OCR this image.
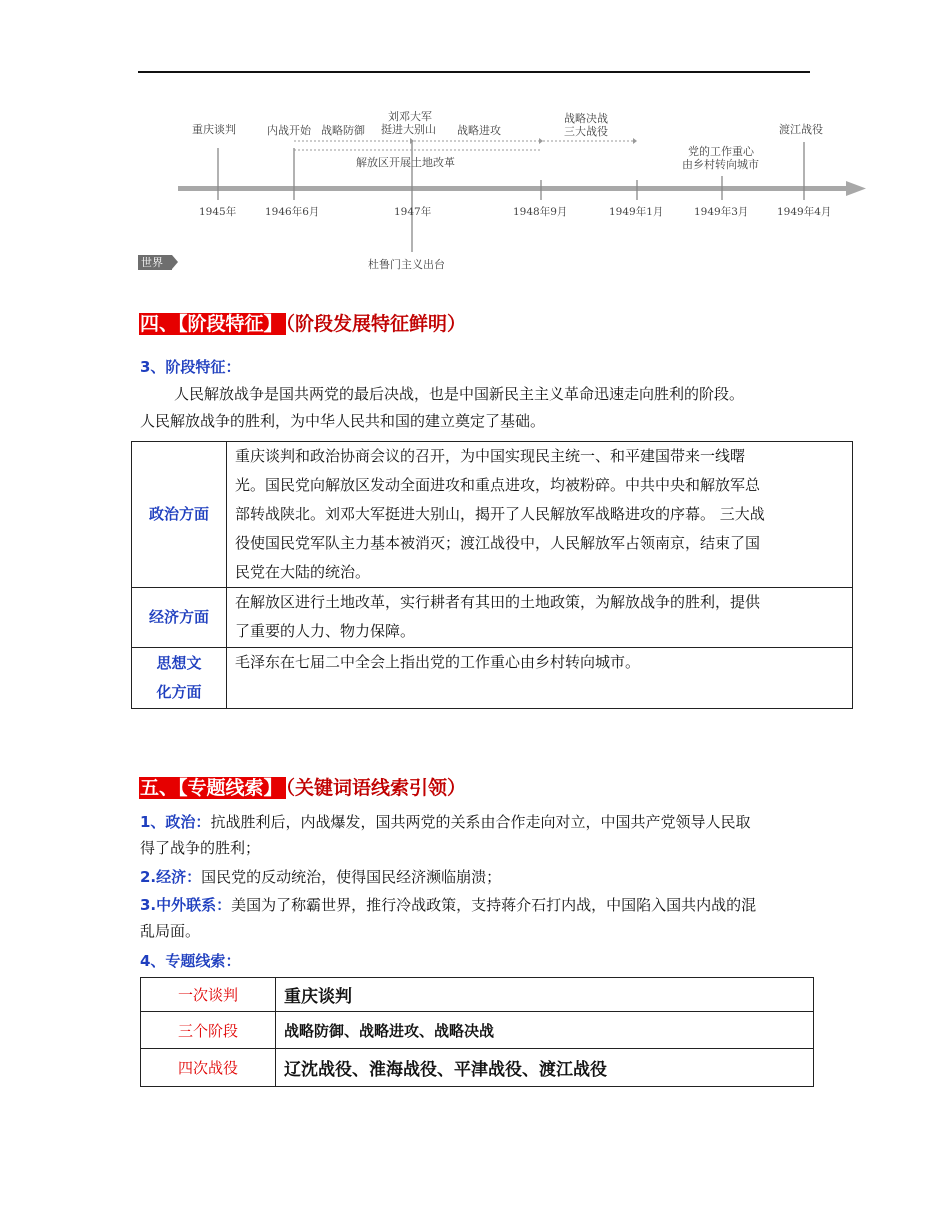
重庆谈判	内战开始 战略防御
刘邓大军
挺进大别山 战略进攻
战略决战
三大战役	渡江战役
解放区开展土地改革
党的工作重心
由乡村转向城市
1945年	1946年6月	1947年	1948年9月	1949年1月	1949年3月	1949年4月
世界	杜鲁门主义出台
四、【阶段特征】 （阶段发展特征鲜明）
3、阶段特征：
人民解放战争是国共两党的最后决战，也是中国新民主主义革命迅速走向胜利的阶段。
人民解放战争的胜利，为中华人民共和国的建立奠定了基础。
政治方面	重庆谈判和政治协商会议的召开，为中国实现民主统一、和平建国带来一线曙
光。国民党向解放区发动全面进攻和重点进攻，均被粉碎。中共中央和解放军总
部转战陕北。刘邓大军挺进大别山，揭开了人民解放军战略进攻的序幕。 三大战
役使国民党军队主力基本被消灭；渡江战役中，人民解放军占领南京，结束了国
民党在大陆的统治。

经济方面	在解放区进行土地改革，实行耕者有其田的土地政策，为解放战争的胜利，提供
了重要的人力、物力保障。

思想文
化方面	毛泽东在七届二中全会上指出党的工作重心由乡村转向城市。
五、【专题线索】 （关键词语线索引领）
1、政治：抗战胜利后，内战爆发，国共两党的关系由合作走向对立，中国共产党领导人民取
得了战争的胜利；
2.经济：国民党的反动统治，使得国民经济濒临崩溃；
3.中外联系：美国为了称霸世界，推行冷战政策，支持蒋介石打内战，中国陷入国共内战的混
乱局面。
4、专题线索：
一次谈判	重庆谈判
三个阶段	战略防御、战略进攻、战略决战
四次战役	辽沈战役、淮海战役、平津战役、渡江战役
